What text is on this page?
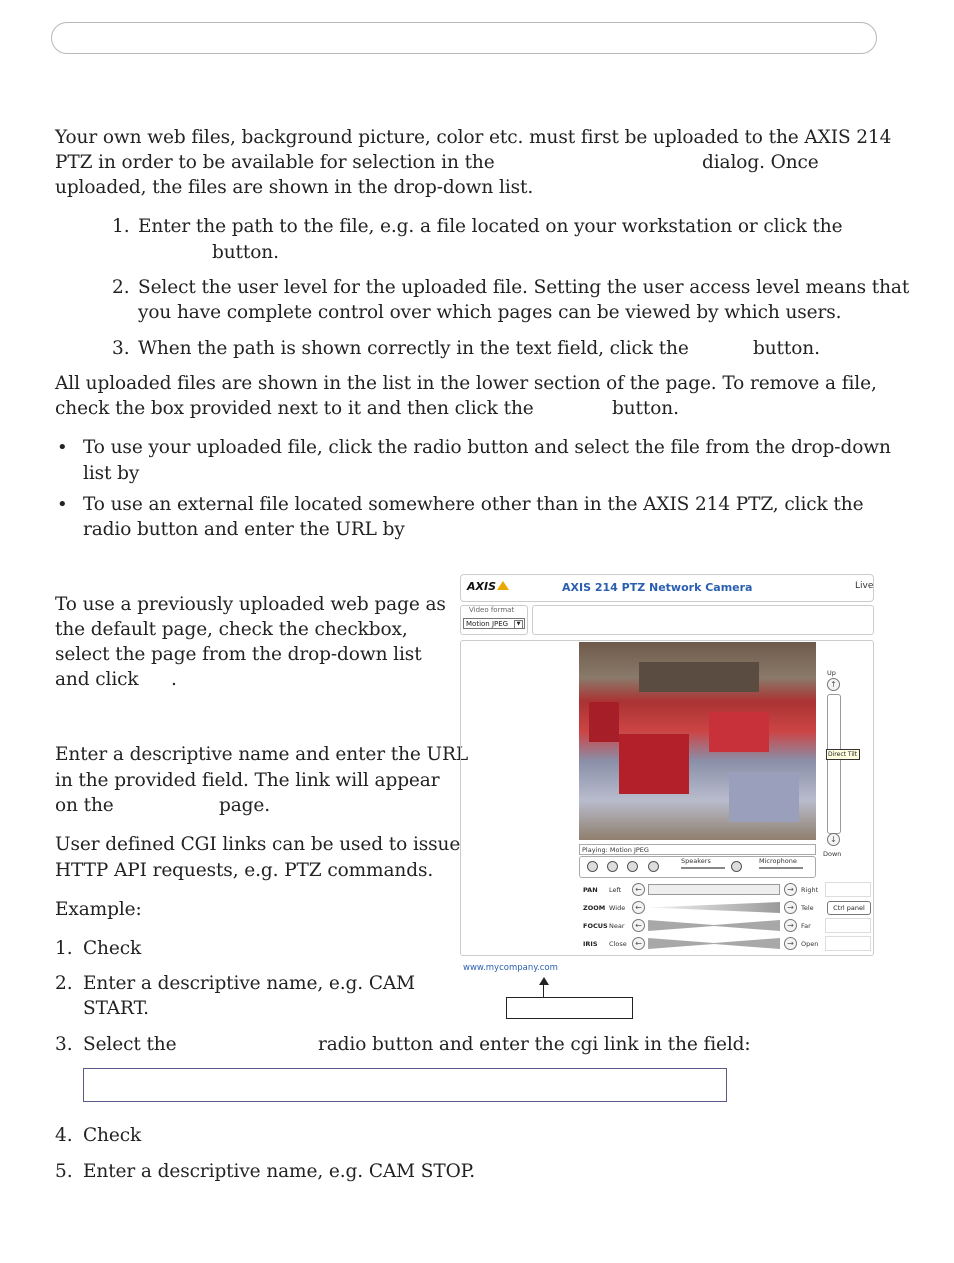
Your own web files, background picture, color etc. must first be uploaded to the AXIS 214

PTZ in order to be available for selection in the	dialog. Once

uploaded, the files are shown in the drop-down list.

1. Enter the path to the file, e.g. a file located on your workstation or click the

button.

2. Select the user level for the uploaded file. Setting the user access level means that

you have complete control over which pages can be viewed by which users.

3. When the path is shown correctly in the text field, click the	button.

All uploaded files are shown in the list in the lower section of the page. To remove a file,

check the box provided next to it and then click the	button.

• To use your uploaded file, click the radio button and select the file from the drop-down

list by

• To use an external file located somewhere other than in the AXIS 214 PTZ, click the

radio button and enter the URL by

To use a previously uploaded web page as

the default page, check the checkbox,

select the page from the drop-down list

and click .

Enter a descriptive name and enter the URL

in the provided field. The link will appear

on the	page.

User defined CGI links can be used to issue

HTTP API requests, e.g. PTZ commands.

Example:

1. Check

2. Enter a descriptive name, e.g. CAM

START.

3. Select the	radio button and enter the cgi link in the field:

4. Check

5. Enter a descriptive name, e.g. CAM STOP.

AXIS	AXIS 214 PTZ Network Camera	Live
Video format
Motion JPEG	▼
Playing: Motion JPEG
Speakers	Microphone
Up
↑
↓
Down
Direct Tilt
PAN Left	←	→	Right
ZOOM Wide	←	→	Tele	Ctrl panel
FOCUS Near	←	→	Far
IRIS Close	←	→	Open
www.mycompany.com
